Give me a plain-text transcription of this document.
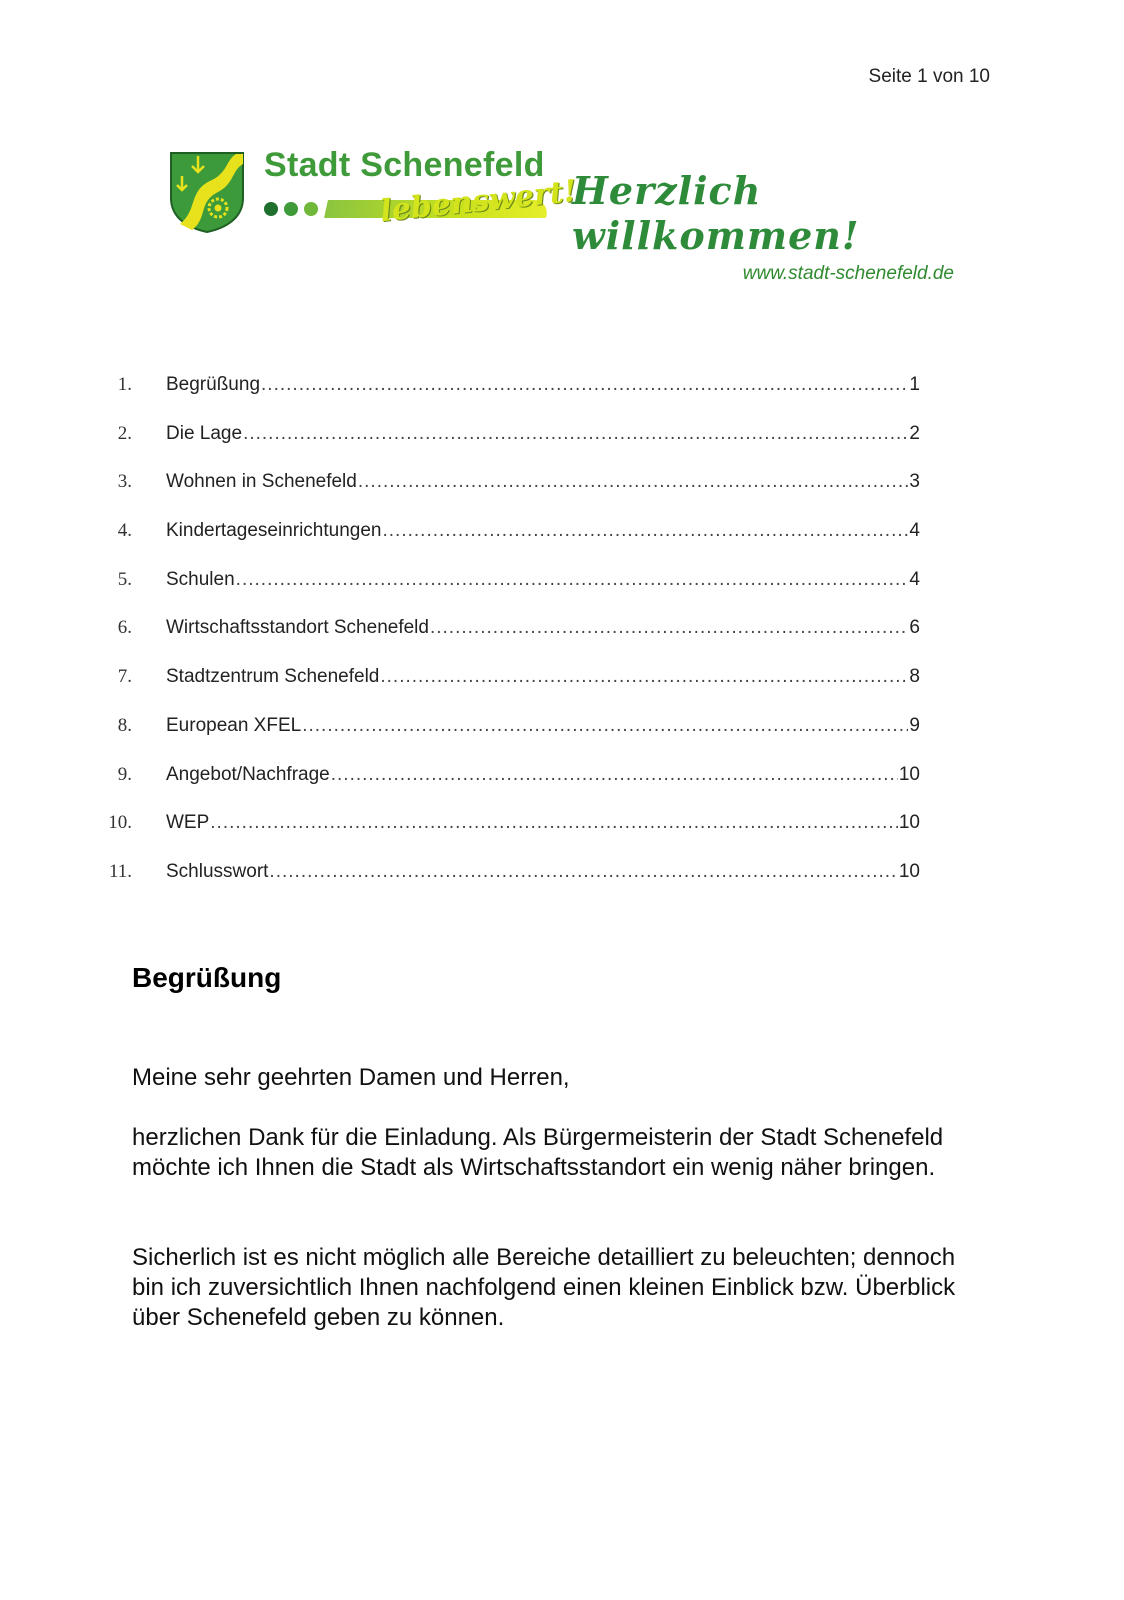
Seite 1 von 10
Stadt Schenefeld
lebenswert!
Herzlich willkommen!
www.stadt-schenefeld.de
1. Begrüßung .....	1
2. Die Lage .....	2
3. Wohnen in Schenefeld .....	3
4. Kindertageseinrichtungen .....	4
5. Schulen .....	4
6. Wirtschaftsstandort Schenefeld .....	6
7. Stadtzentrum Schenefeld .....	8
8. European XFEL .....	9
9. Angebot/Nachfrage .....	10
10. WEP .....	10
11. Schlusswort .....	10
Begrüßung
Meine sehr geehrten Damen und Herren,
herzlichen Dank für die Einladung. Als Bürgermeisterin der Stadt Schenefeld möchte ich Ihnen die Stadt als Wirtschaftsstandort ein wenig näher bringen.
Sicherlich ist es nicht möglich alle Bereiche detailliert zu beleuchten; dennoch bin ich zuversichtlich Ihnen nachfolgend einen kleinen Einblick bzw. Überblick über Schenefeld geben zu können.
